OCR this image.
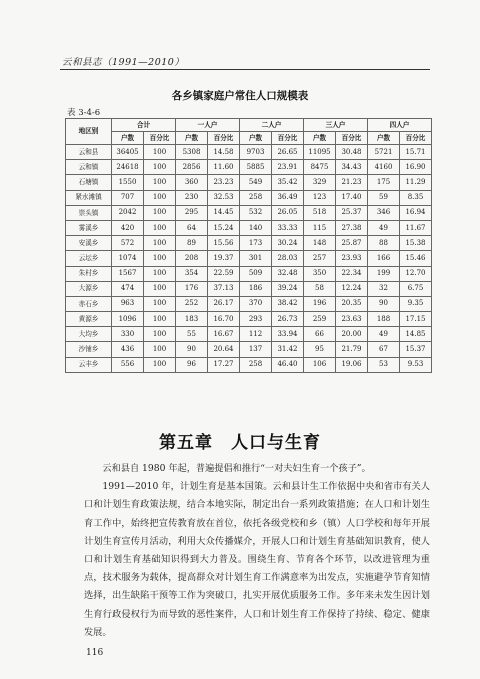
云和县志（1991—2010）
各乡镇家庭户常住人口规模表
表 3-4-6
地区别	合计		一人户		二人户		三人户		四人户	
	户数	百分比	户数	百分比	户数	百分比	户数	百分比	户数	百分比
云和县	36405	100	5308	14.58	9703	26.65	11095	30.48	5721	15.71
云和镇	24618	100	2856	11.60	5885	23.91	8475	34.43	4160	16.90
石塘镇	1550	100	360	23.23	549	35.42	329	21.23	175	11.29
紧水滩镇	707	100	230	32.53	258	36.49	123	17.40	59	8.35
崇头镇	2042	100	295	14.45	532	26.05	518	25.37	346	16.94
雾溪乡	420	100	64	15.24	140	33.33	115	27.38	49	11.67
安溪乡	572	100	89	15.56	173	30.24	148	25.87	88	15.38
云坛乡	1074	100	208	19.37	301	28.03	257	23.93	166	15.46
朱村乡	1567	100	354	22.59	509	32.48	350	22.34	199	12.70
大源乡	474	100	176	37.13	186	39.24	58	12.24	32	6.75
赤石乡	963	100	252	26.17	370	38.42	196	20.35	90	9.35
黄源乡	1096	100	183	16.70	293	26.73	259	23.63	188	17.15
大均乡	330	100	55	16.67	112	33.94	66	20.00	49	14.85
沙铺乡	436	100	90	20.64	137	31.42	95	21.79	67	15.37
云丰乡	556	100	96	17.27	258	46.40	106	19.06	53	9.53
第五章　人口与生育

云和县自 1980 年起，普遍提倡和推行“一对夫妇生育一个孩子”。

1991—2010 年，计划生育是基本国策。云和县计生工作依据中央和省市有关人口和计划生育政策法规，结合本地实际，制定出台一系列政策措施；在人口和计划生育工作中，始终把宣传教育放在首位，依托各级党校和乡（镇）人口学校和每年开展计划生育宣传月活动，利用大众传播媒介，开展人口和计划生育基础知识教育，使人口和计划生育基础知识得到大力普及。围绕生育、节育各个环节，以改进管理为重点，技术服务为载体，提高群众对计划生育工作满意率为出发点，实施避孕节育知情选择，出生缺陷干预等工作为突破口，扎实开展优质服务工作。多年来未发生因计划生育行政侵权行为而导致的恶性案件，人口和计划生育工作保持了持续、稳定、健康发展。

116
